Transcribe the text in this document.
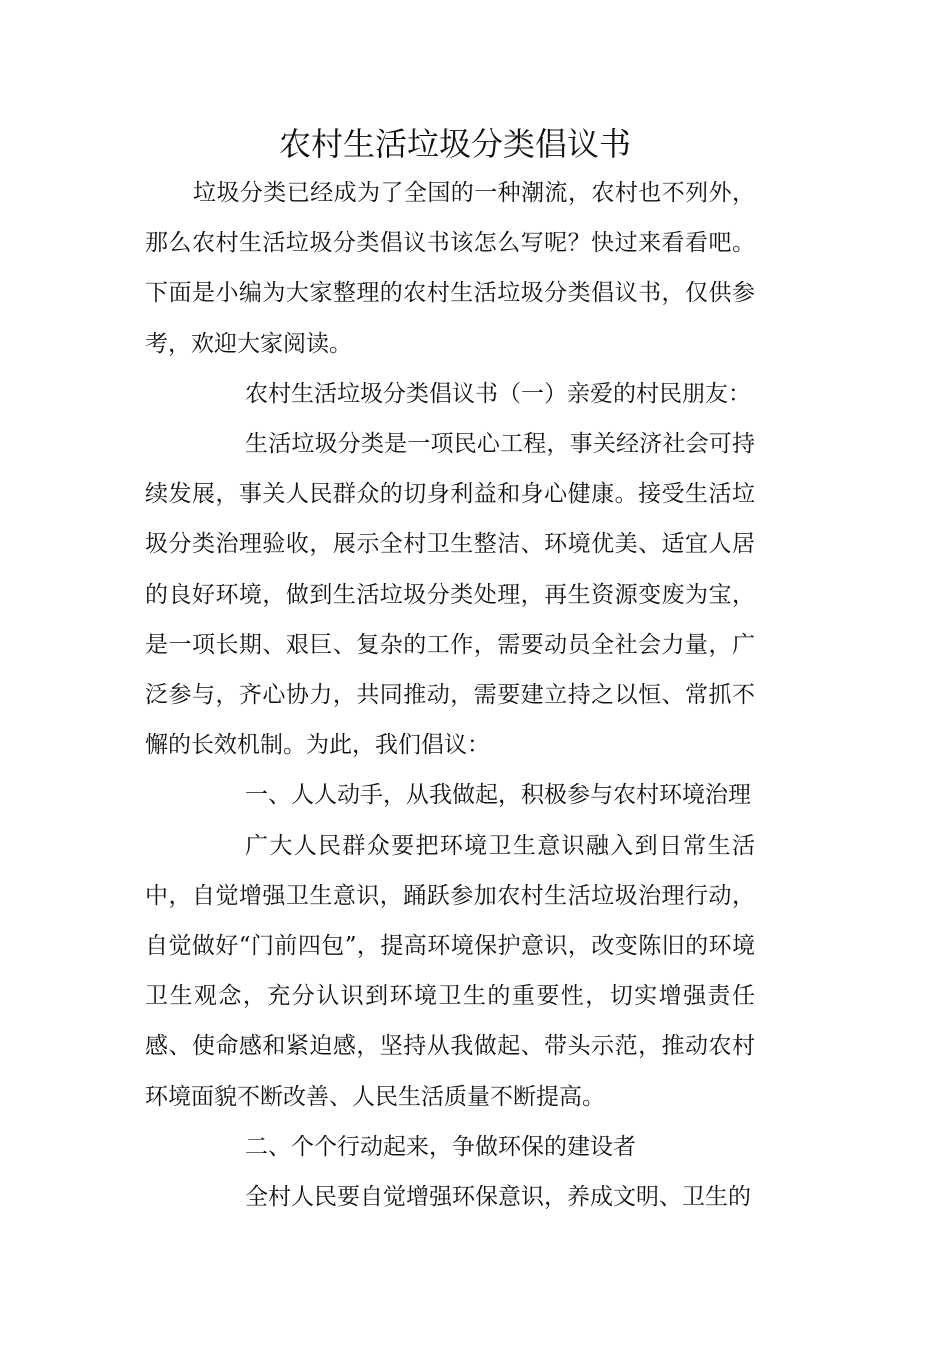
农村生活垃圾分类倡议书

垃圾分类已经成为了全国的一种潮流，农村也不列外，那么农村生活垃圾分类倡议书该怎么写呢？快过来看看吧。下面是小编为大家整理的农村生活垃圾分类倡议书，仅供参考，欢迎大家阅读。

农村生活垃圾分类倡议书（一）亲爱的村民朋友：

生活垃圾分类是一项民心工程，事关经济社会可持续发展，事关人民群众的切身利益和身心健康。接受生活垃圾分类治理验收，展示全村卫生整洁、环境优美、适宜人居的良好环境，做到生活垃圾分类处理，再生资源变废为宝，是一项长期、艰巨、复杂的工作，需要动员全社会力量，广泛参与，齐心协力，共同推动，需要建立持之以恒、常抓不懈的长效机制。为此，我们倡议：

一、人人动手，从我做起，积极参与农村环境治理

广大人民群众要把环境卫生意识融入到日常生活中，自觉增强卫生意识，踊跃参加农村生活垃圾治理行动，自觉做好“门前四包”，提高环境保护意识，改变陈旧的环境卫生观念，充分认识到环境卫生的重要性，切实增强责任感、使命感和紧迫感，坚持从我做起、带头示范，推动农村环境面貌不断改善、人民生活质量不断提高。

二、个个行动起来，争做环保的建设者

全村人民要自觉增强环保意识，养成文明、卫生的
